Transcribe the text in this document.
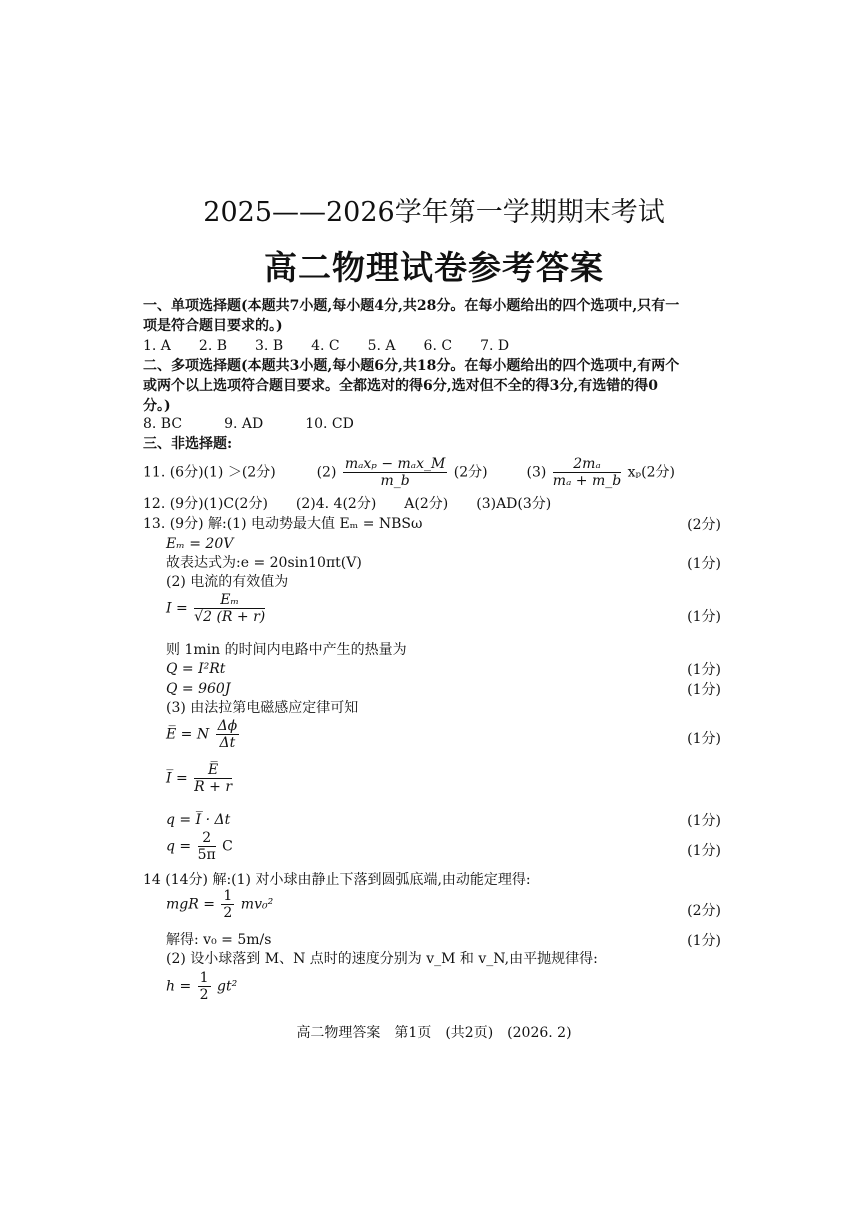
2025——2026学年第一学期期末考试
高二物理试卷参考答案
一、单项选择题(本题共7小题,每小题4分,共28分。在每小题给出的四个选项中,只有一
项是符合题目要求的。)
1. A　　2. B　　3. B　　4. C　　5. A　　6. C　　7. D
二、多项选择题(本题共3小题,每小题6分,共18分。在每小题给出的四个选项中,有两个
或两个以上选项符合题目要求。全都选对的得6分,选对但不全的得3分,有选错的得0
分。)
8. BC　　　9. AD　　　10. CD
三、非选择题:
11. (6分)(1) ＞(2分)	(2)
mₐxₚ − mₐx_M
m_b
(2分)	$(3) \frac{\text{2mₐ}}{\text{mₐ + m\_b}} x_p(2$分)
12. (9分)(1)C(2分)　　(2)4. 4(2分)　　A(2分)　　(3)AD(3分)
13. (9分) 解:(1) 电动势最大值 Eₘ = NBSω	(2分)
Eₘ = 20V
故表达式为:e = 20sin10πt(V)	(1分)
(2) 电流的有效值为
$I = \frac{\text{Eₘ}}{√2 (R + r)}$	(1分)
则 1min 的时间内电路中产生的热量为
Q = I²Rt	(1分)
Q = 960J	(1分)
(3) 由法拉第电磁感应定律可知
E̅ = N $\frac{\Delta\phi}{\Delta t}$	(1分)
I̅ = $\frac{E̅}{R + r}$
q = I̅ · Δt	(1分)
$q = \frac{2}{5\pi}$ C	(1分)
14 (14分) 解:(1) 对小球由静止下落到圆弧底端,由动能定理得:
mgR = $\frac{1}{2} mv_0^2$	(2分)
解得: v₀ = 5m/s	(1分)
(2) 设小球落到 M、N 点时的速度分别为 v_M 和 v_N,由平抛规律得:
$h = \frac{1}{2} gt^2$
高二物理答案　第1页　(共2页)　(2026. 2)
